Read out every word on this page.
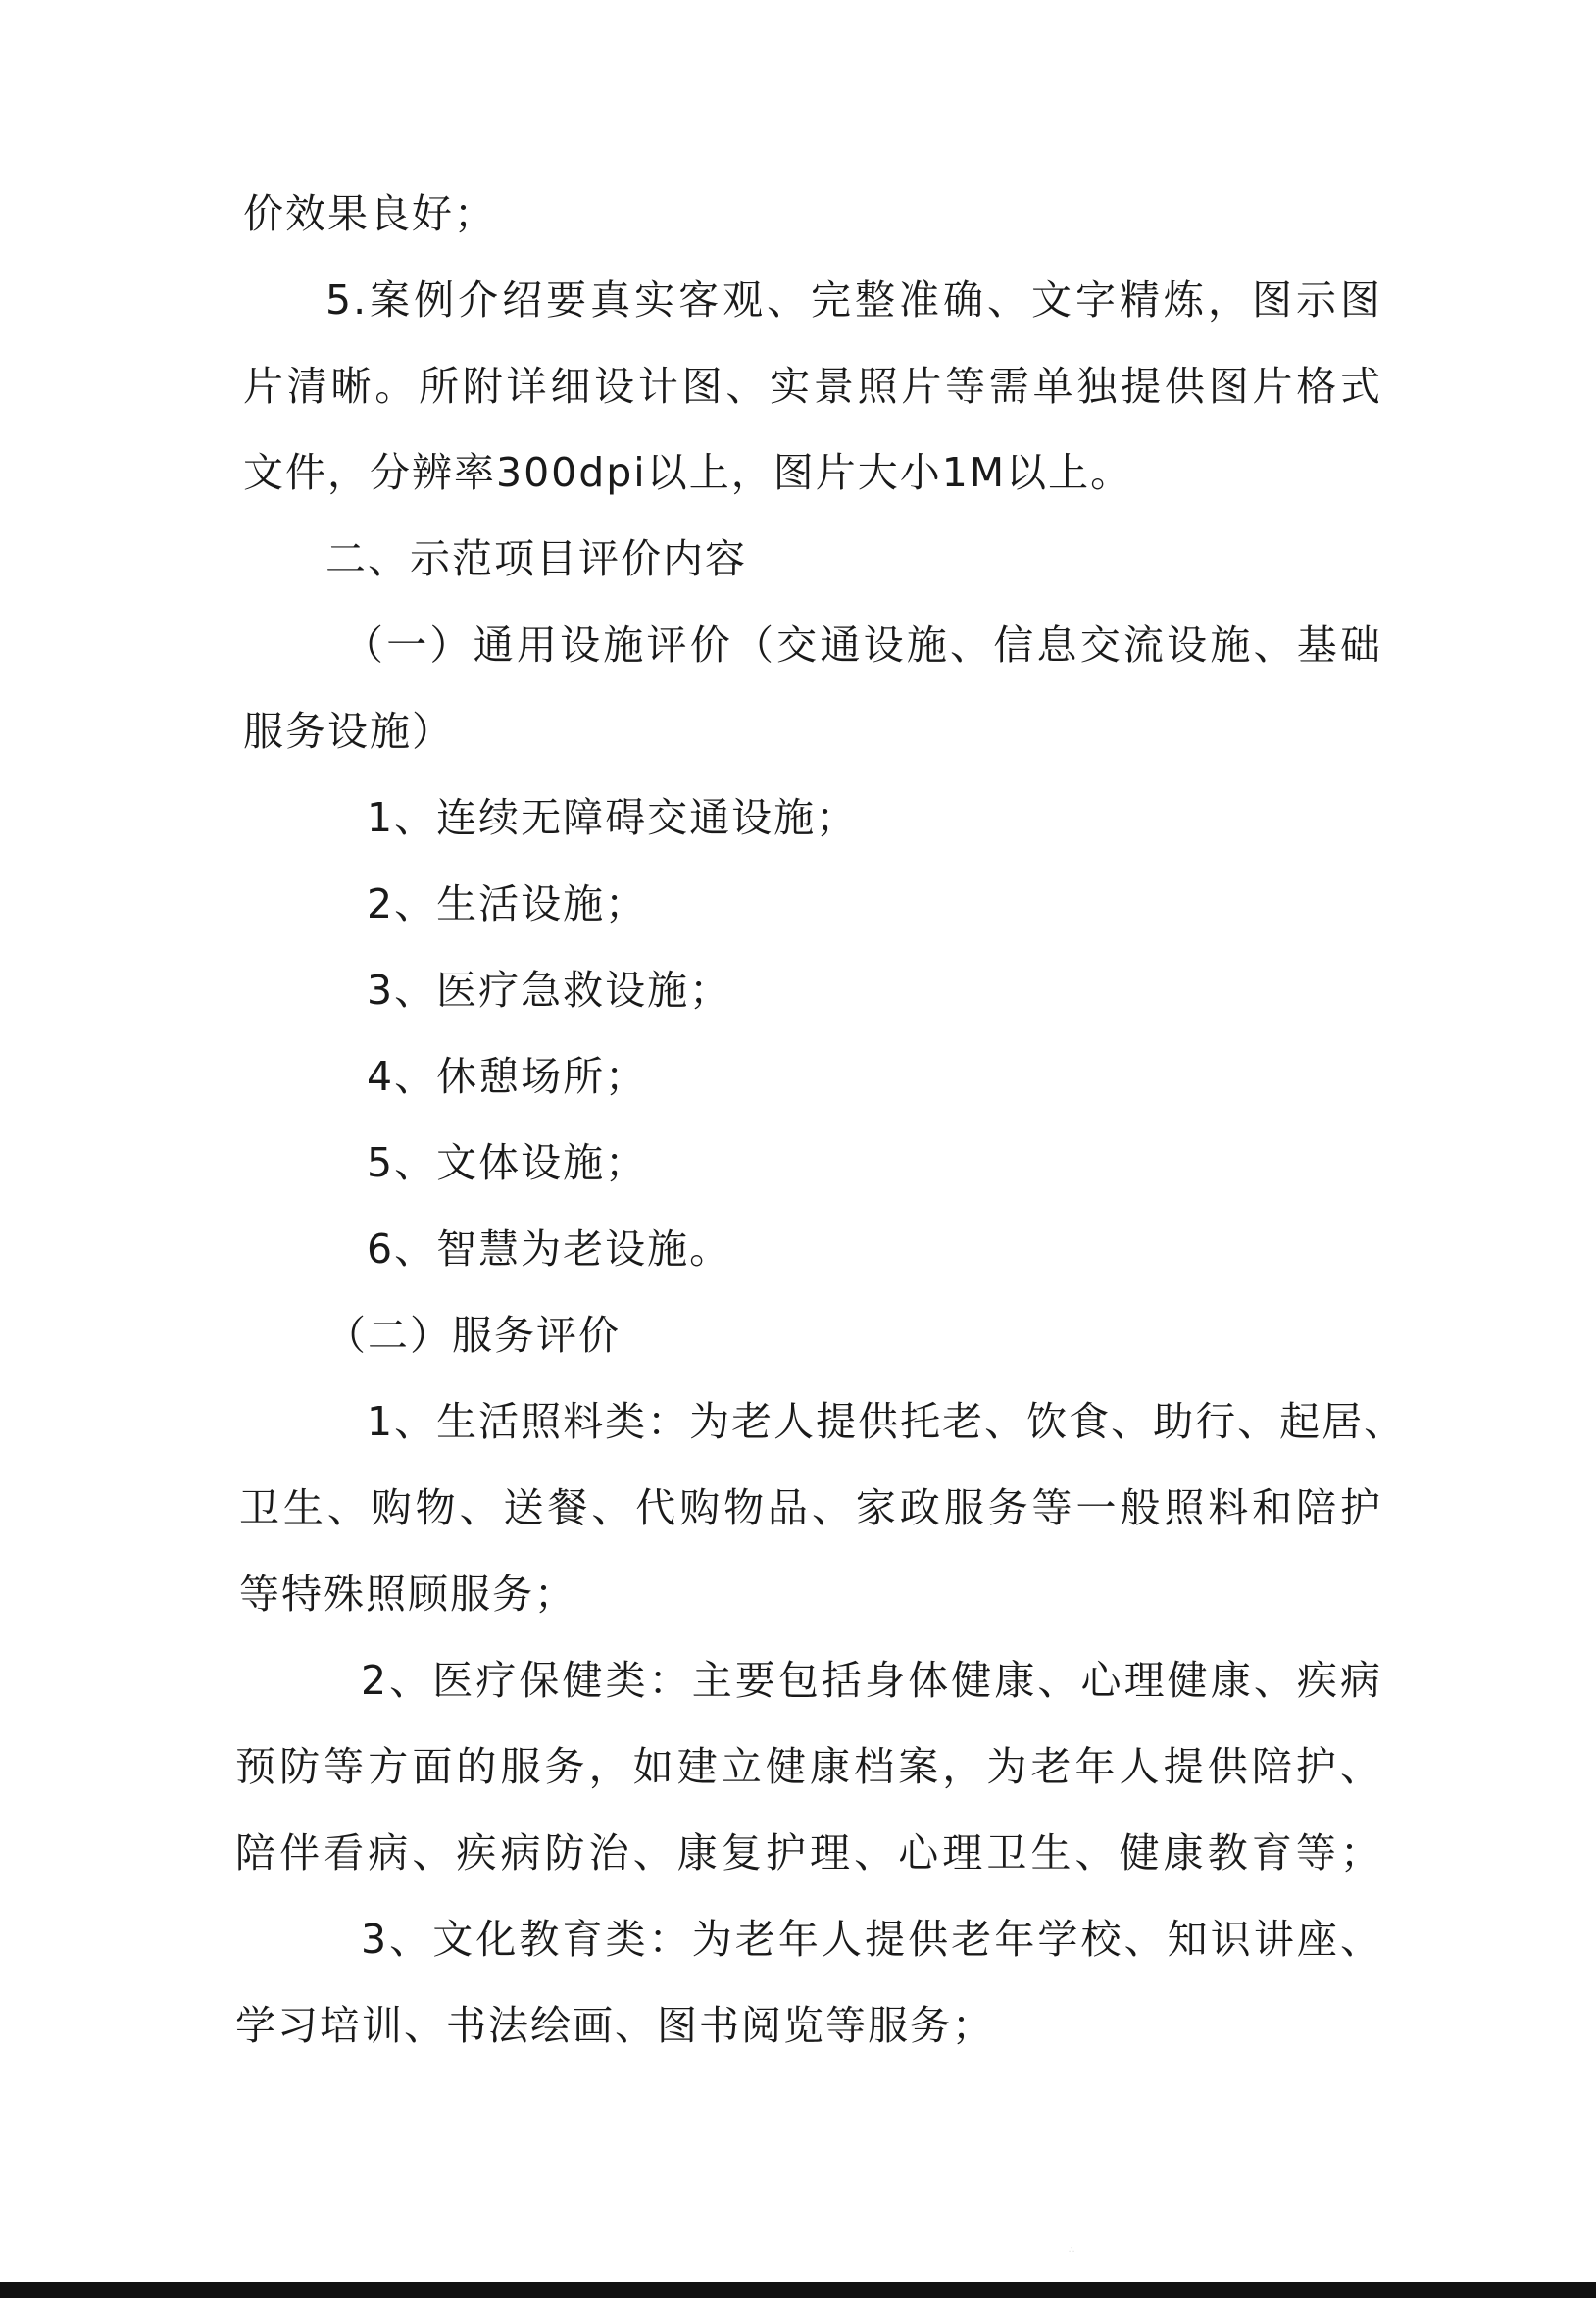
价效果良好；
5.案例介绍要真实客观、完整准确、文字精炼，图示图
片清晰。所附详细设计图、实景照片等需单独提供图片格式
文件，分辨率300dpi以上，图片大小1M以上。
二、示范项目评价内容
（一）通用设施评价（交通设施、信息交流设施、基础
服务设施）
1、连续无障碍交通设施；
2、生活设施；
3、医疗急救设施；
4、休憩场所；
5、文体设施；
6、智慧为老设施。
（二）服务评价
1、生活照料类：为老人提供托老、饮食、助行、起居、
卫生、购物、送餐、代购物品、家政服务等一般照料和陪护
等特殊照顾服务；
2、医疗保健类：主要包括身体健康、心理健康、疾病
预防等方面的服务，如建立健康档案，为老年人提供陪护、
陪伴看病、疾病防治、康复护理、心理卫生、健康教育等；
3、文化教育类：为老年人提供老年学校、知识讲座、
学习培训、书法绘画、图书阅览等服务；
∴
